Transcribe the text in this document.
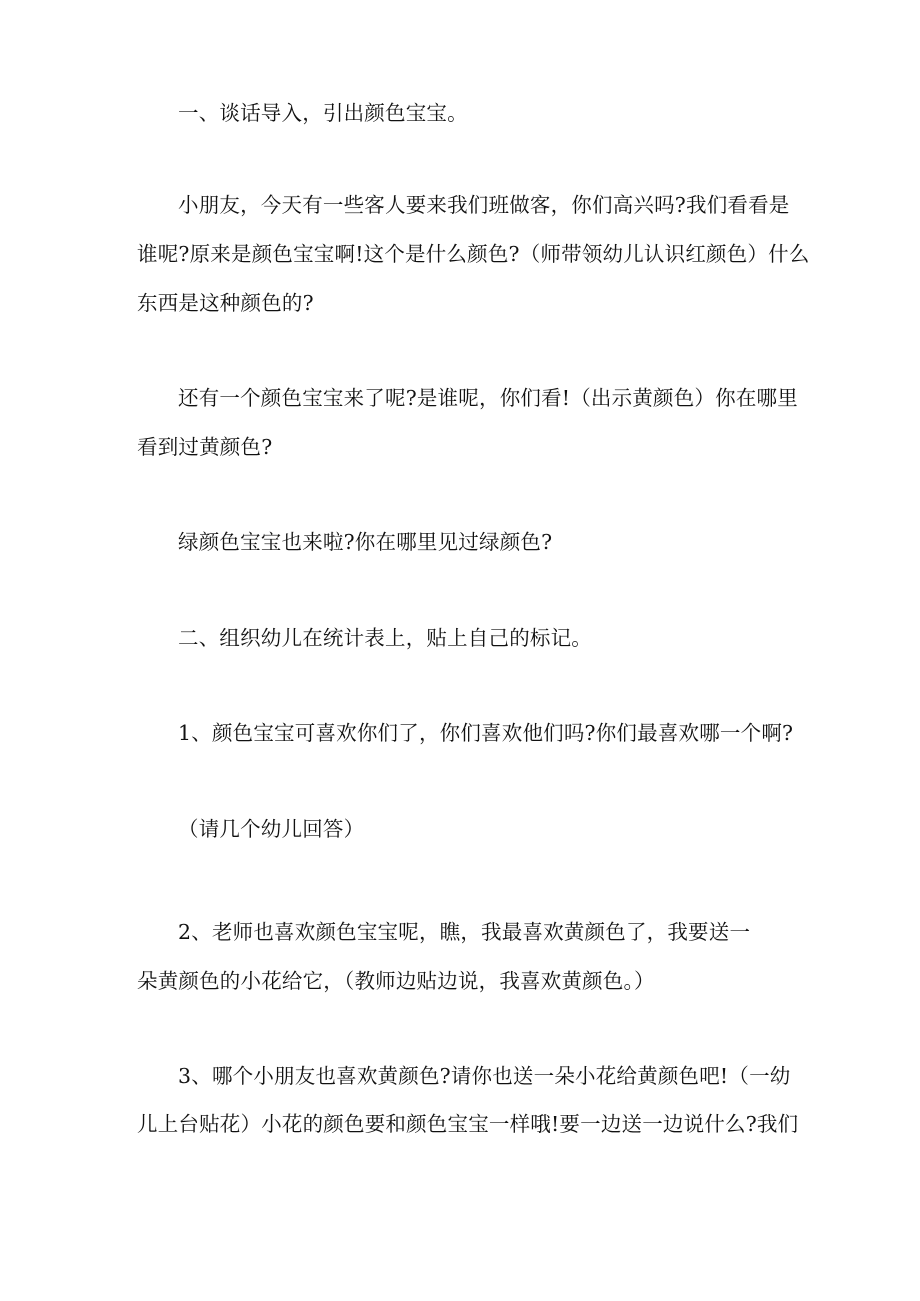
一、谈话导入，引出颜色宝宝。
小朋友，今天有一些客人要来我们班做客，你们高兴吗?我们看看是
谁呢?原来是颜色宝宝啊!这个是什么颜色?（师带领幼儿认识红颜色）什么
东西是这种颜色的?
还有一个颜色宝宝来了呢?是谁呢，你们看!（出示黄颜色）你在哪里
看到过黄颜色?
绿颜色宝宝也来啦?你在哪里见过绿颜色?
二、组织幼儿在统计表上，贴上自己的标记。
1、颜色宝宝可喜欢你们了，你们喜欢他们吗?你们最喜欢哪一个啊?
（请几个幼儿回答）
2、老师也喜欢颜色宝宝呢，瞧，我最喜欢黄颜色了，我要送一
朵黄颜色的小花给它，（教师边贴边说，我喜欢黄颜色。）
3、哪个小朋友也喜欢黄颜色?请你也送一朵小花给黄颜色吧!（一幼
儿上台贴花）小花的颜色要和颜色宝宝一样哦!要一边送一边说什么?我们
